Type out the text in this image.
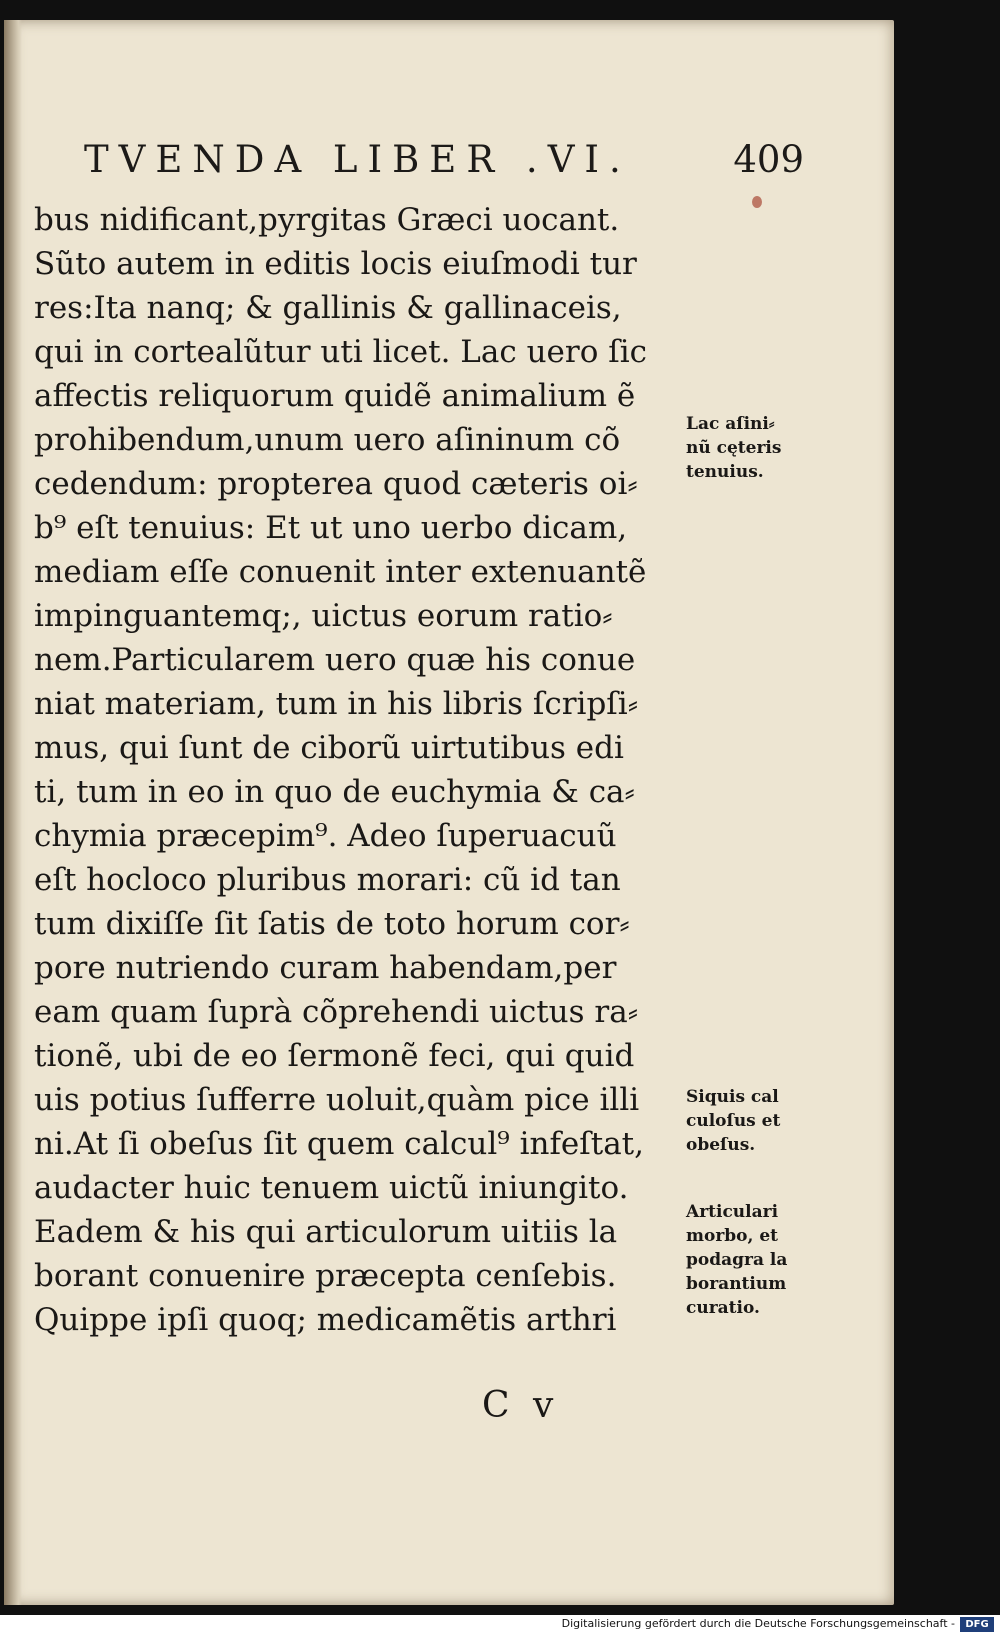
TVENDA LIBER .VI.	409
bus nidificant,pyrgitas Græci uocant.
Sũto autem in editis locis eiuſmodi tur
res:Ita nanq; & gallinis & gallinaceis,
qui in cortealũtur uti licet. Lac uero ſic
affectis reliquorum quidẽ animalium ẽ
prohibendum,unum uero aſininum cõ
cedendum: propterea quod cæteris oi⸗
b⁹ eſt tenuius: Et ut uno uerbo dicam,
mediam eſſe conuenit inter extenuantẽ
impinguantemq;, uictus eorum ratio⸗
nem.Particularem uero quæ his conue
niat materiam, tum in his libris ſcripſi⸗
mus, qui ſunt de ciborũ uirtutibus edi
ti, tum in eo in quo de euchymia & ca⸗
chymia præcepim⁹. Adeo ſuperuacuũ
eſt hocloco pluribus morari: cũ id tan
tum dixiſſe ſit ſatis de toto horum cor⸗
pore nutriendo curam habendam,per
eam quam ſuprà cõprehendi uictus ra⸗
tionẽ, ubi de eo ſermonẽ feci, qui quid
uis potius ſufferre uoluit,quàm pice illi
ni.At ſi obeſus ſit quem calcul⁹ infeſtat,
audacter huic tenuem uictũ iniungito.
Eadem & his qui articulorum uitiis la
borant conuenire præcepta cenſebis.
Quippe ipſi quoq; medicamẽtis arthri
Lac aſini⸗
nũ cęteris
tenuius.
Siquis cal
culoſus et
obeſus.
Articulari
morbo, et
podagra la
borantium
curatio.
C v
Digitalisierung gefördert durch die Deutsche Forschungsgemeinschaft -	DFG
